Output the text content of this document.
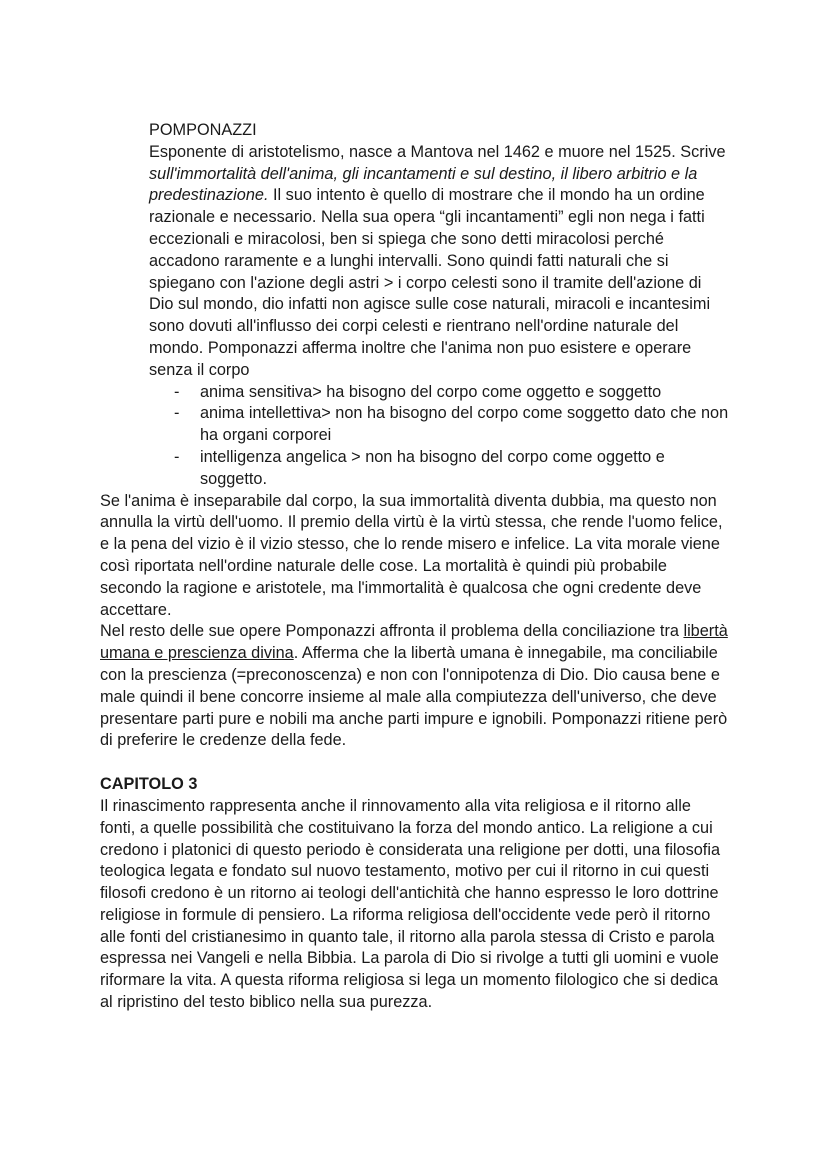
POMPONAZZI

Esponente di aristotelismo, nasce a Mantova nel 1462 e muore nel 1525. Scrive sull'immortalità dell'anima, gli incantamenti e sul destino, il libero arbitrio e la predestinazione. Il suo intento è quello di mostrare che il mondo ha un ordine razionale e necessario. Nella sua opera “gli incantamenti” egli non nega i fatti eccezionali e miracolosi, ben si spiega che sono detti miracolosi perché accadono raramente e a lunghi intervalli. Sono quindi fatti naturali che si spiegano con l'azione degli astri > i corpo celesti sono il tramite dell'azione di Dio sul mondo, dio infatti non agisce sulle cose naturali, miracoli e incantesimi sono dovuti all'influsso dei corpi celesti e rientrano nell'ordine naturale del mondo. Pomponazzi afferma inoltre che l'anima non puo esistere e operare senza il corpo

- anima sensitiva> ha bisogno del corpo come oggetto e soggetto
- anima intellettiva> non ha bisogno del corpo come soggetto dato che non ha organi corporei
- intelligenza angelica > non ha bisogno del corpo come oggetto e soggetto.

Se l'anima è inseparabile dal corpo, la sua immortalità diventa dubbia, ma questo non annulla la virtù dell'uomo. Il premio della virtù è la virtù stessa, che rende l'uomo felice, e la pena del vizio è il vizio stesso, che lo rende misero e infelice. La vita morale viene così riportata nell'ordine naturale delle cose. La mortalità è quindi più probabile secondo la ragione e aristotele, ma l'immortalità è qualcosa che ogni credente deve accettare.

Nel resto delle sue opere Pomponazzi affronta il problema della conciliazione tra libertà umana e prescienza divina. Afferma che la libertà umana è innegabile, ma conciliabile con la prescienza (=preconoscenza) e non con l'onnipotenza di Dio. Dio causa bene e male quindi il bene concorre insieme al male alla compiutezza dell'universo, che deve presentare parti pure e nobili ma anche parti impure e ignobili. Pomponazzi ritiene però di preferire le credenze della fede.

CAPITOLO 3

Il rinascimento rappresenta anche il rinnovamento alla vita religiosa e il ritorno alle fonti, a quelle possibilità che costituivano la forza del mondo antico. La religione a cui credono i platonici di questo periodo è considerata una religione per dotti, una filosofia teologica legata e fondato sul nuovo testamento, motivo per cui il ritorno in cui questi filosofi credono è un ritorno ai teologi dell'antichità che hanno espresso le loro dottrine religiose in formule di pensiero. La riforma religiosa dell'occidente vede però il ritorno alle fonti del cristianesimo in quanto tale, il ritorno alla parola stessa di Cristo e parola espressa nei Vangeli e nella Bibbia. La parola di Dio si rivolge a tutti gli uomini e vuole riformare la vita. A questa riforma religiosa si lega un momento filologico che si dedica al ripristino del testo biblico nella sua purezza.
